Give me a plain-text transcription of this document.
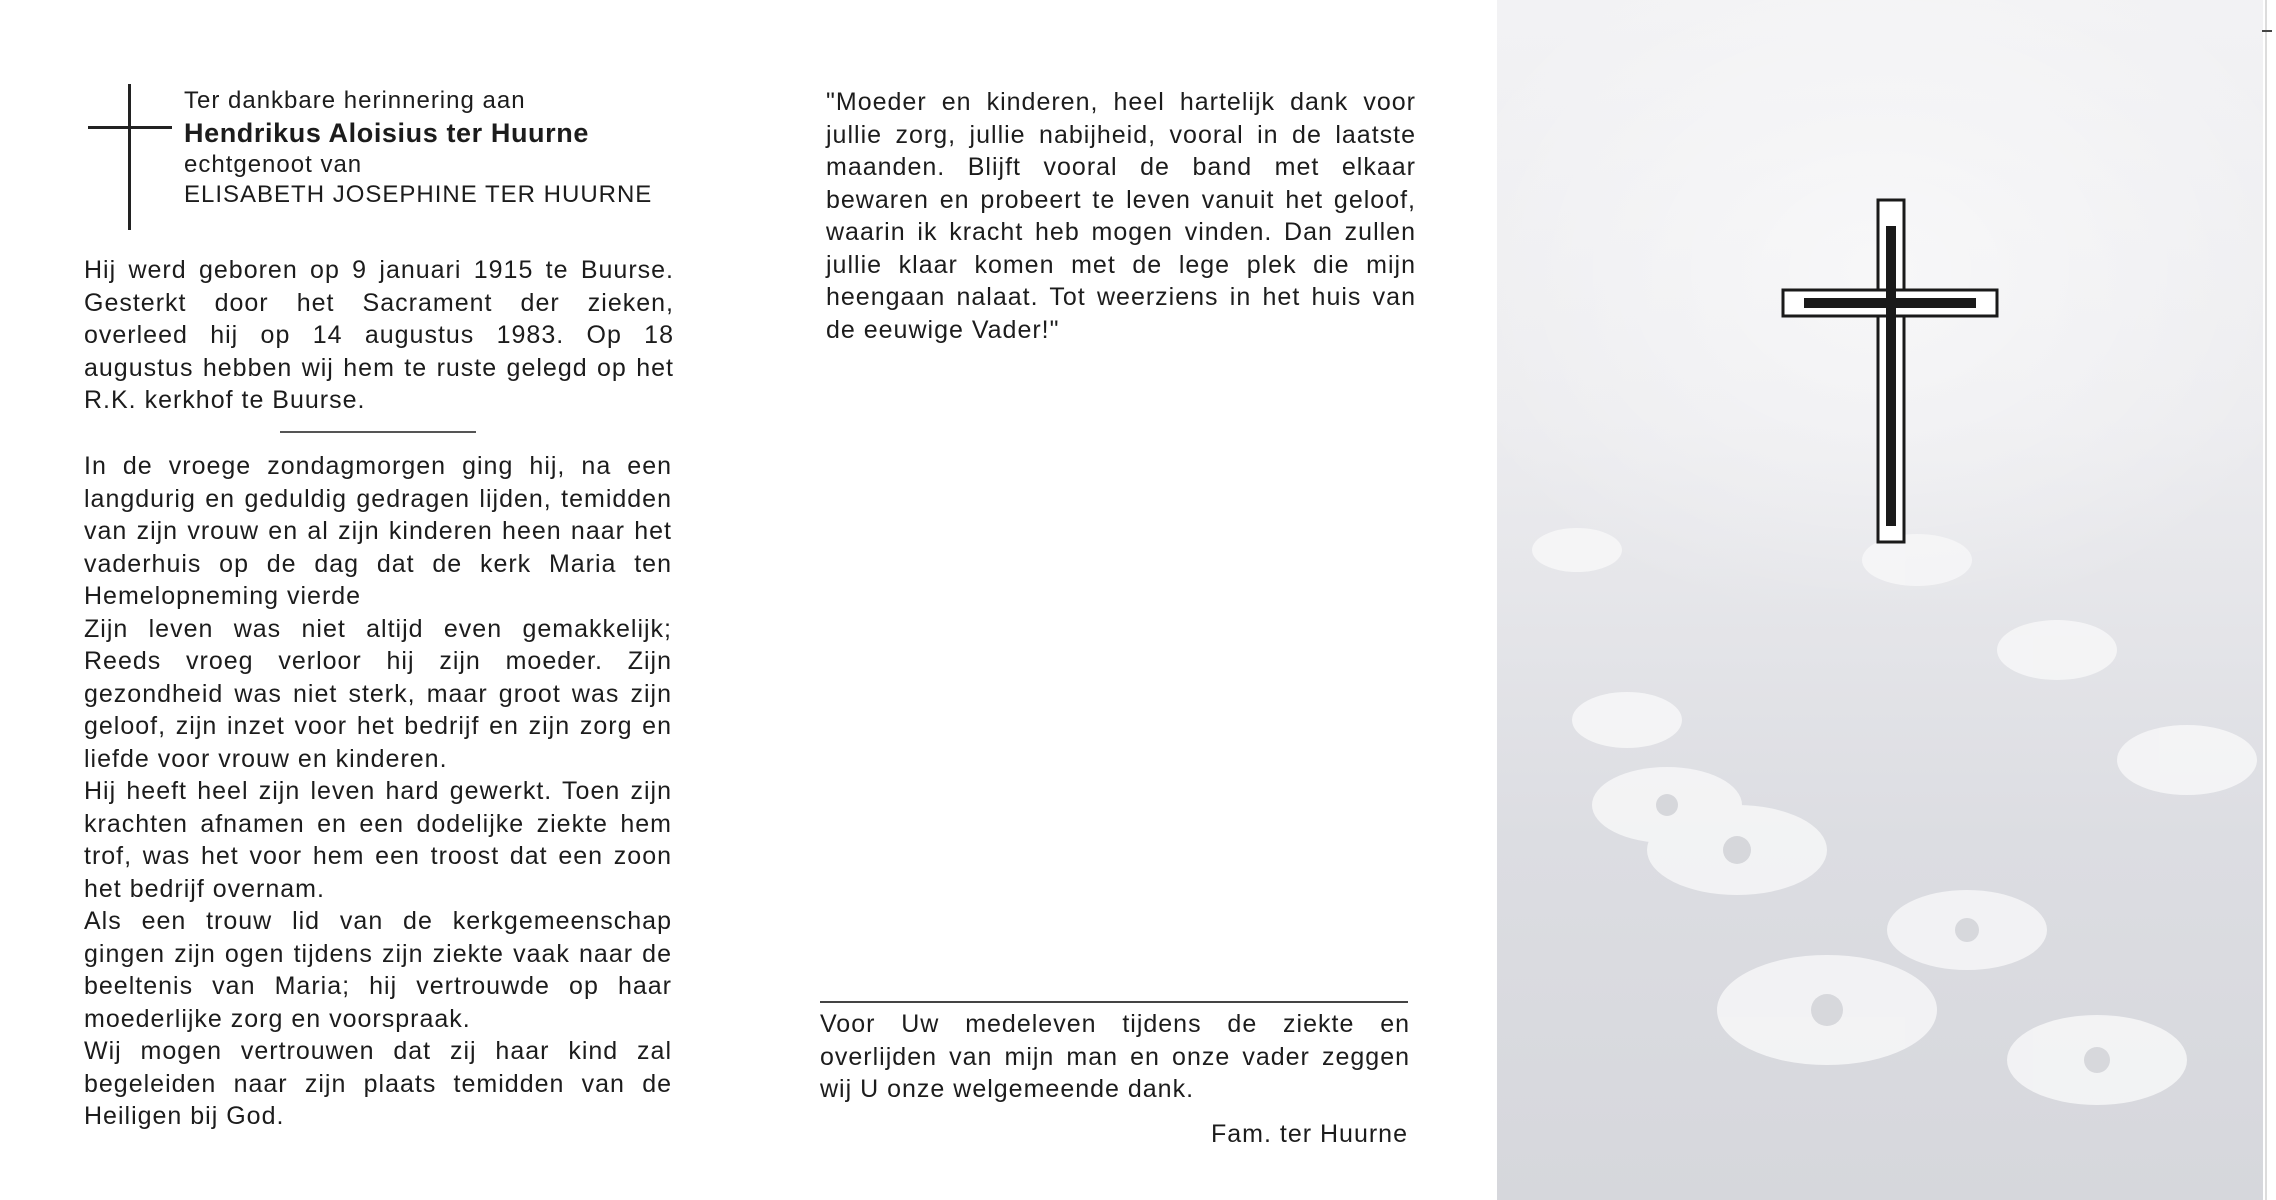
Ter dankbare herinnering aan
Hendrikus Aloisius ter Huurne
echtgenoot van
ELISABETH JOSEPHINE TER HUURNE

Hij werd geboren op 9 januari 1915 te Buurse. Gesterkt door het Sacrament der zieken, overleed hij op 14 augustus 1983. Op 18 augustus hebben wij hem te ruste gelegd op het R.K. kerkhof te Buurse.

In de vroege zondagmorgen ging hij, na een langdurig en geduldig gedragen lijden, temidden van zijn vrouw en al zijn kinderen heen naar het vaderhuis op de dag dat de kerk Maria ten Hemelopneming vierde

Zijn leven was niet altijd even gemakkelijk; Reeds vroeg verloor hij zijn moeder. Zijn gezondheid was niet sterk, maar groot was zijn geloof, zijn inzet voor het bedrijf en zijn zorg en liefde voor vrouw en kinderen.

Hij heeft heel zijn leven hard gewerkt. Toen zijn krachten afnamen en een dodelijke ziekte hem trof, was het voor hem een troost dat een zoon het bedrijf overnam.

Als een trouw lid van de kerkgemeenschap gingen zijn ogen tijdens zijn ziekte vaak naar de beeltenis van Maria; hij vertrouwde op haar moederlijke zorg en voorspraak.

Wij mogen vertrouwen dat zij haar kind zal begeleiden naar zijn plaats temidden van de Heiligen bij God.

"Moeder en kinderen, heel hartelijk dank voor jullie zorg, jullie nabijheid, vooral in de laatste maanden. Blijft vooral de band met elkaar bewaren en probeert te leven vanuit het geloof, waarin ik kracht heb mogen vinden. Dan zullen jullie klaar komen met de lege plek die mijn heengaan nalaat. Tot weerziens in het huis van de eeuwige Vader!"

Voor Uw medeleven tijdens de ziekte en overlijden van mijn man en onze vader zeggen wij U onze welgemeende dank.

Fam. ter Huurne
